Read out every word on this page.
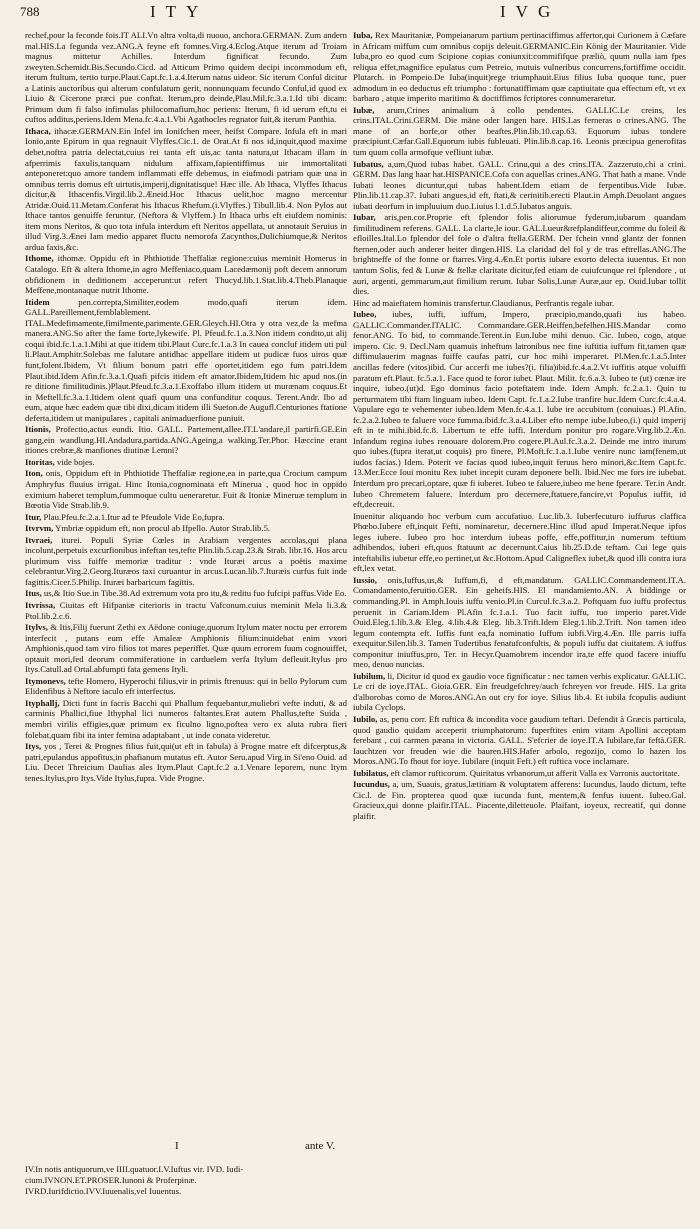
788	ITY	IVG
rechef,pour la feconde fois.IT ALI.Vn altra volta,di nuouo, anchora.GERMAN. Zum andern mal.HIS.La fegunda vez.ANG.A feyne eft fomnes.Virg.4.Eclog.Atque iterum ad Troiam magnus mittetur Achilles. Interdum fignificat fecundo. Zum zweyten.Schemidt.Bis.Secundo.Cicd. ad Atticum Primo quidem decipi incommodum eft, iterum ftultum, tertio turpe.Plaut.Capt.fc.1.a.4.Iterum natus uideor. Sic iterum Conful dicitur a Latinis auctoribus qui alterum confulatum gerit, nonnunquam fecundo Conful,id quod ex Liuio & Cicerone præci pue conftat. Iterum,pro deinde,Plau.Mil.fc.3.a.1.Id tibi dicam: Primum dum fi falso infimulas philocomafium,hoc periens: Iterum, fi id uerum eft,tu ei cuftos additus,periens.Idem Mena.fc.4.a.1.Vbi Agathocles regnator fuit,& iterum Panthia.
Ithaca, ithacæ.GERMAN.Ein Infel im Ionifchen meer, heifst Compare. Infula eft in mari Ionio,ante Epirum in qua regnauit Vlyffes.Cic.1. de Orat.At fi nos id,inquit,quod maxime debet,noftra patria delectat,cuius rei tanta eft uis,ac tanta natura,ut Ithacam illam in afperrimis faxulis,tanquam nidulum affixam,fapientiffimus uir immortalitati anteponeret:quo amore tandem inflammati effe debemus, in eiufmodi patriam quæ una in omnibus terris domus eft uirtutis,imperij,dignitatisque! Hæc ille. Ab Ithaca, Vlyffes Ithacus dicitur,& Ithacenfis.Virgil.lib.2.Æneid.Hoc Ithacus uelit,hoc magno mercentur Atridæ.Ouid.11.Metam.Conferat his Ithacus Rhefum.(i.Vlyffes.) Tibull.lib.4. Non Pylos aut Ithace tantos genuiffe feruntur. (Neftora & Vlyffem.) In Ithaca urbs eft eiufdem nominis: item mons Neritos, & quo tota infula interdum eft Neritos appellata, ut annotauit Seruius in illud Virg.3.Ænei Iam medio apparet fluctu nemorofa Zacynthos,Dulichiumque,& Neritos ardua faxis,&c.
Ithome, ithomæ. Oppidu eft in Phthiotide Theffaliæ regione:cuius meminit Homerus in Catalogo. Eft & altera Ithome,in agro Meffeniaco,quam Lacedæmonij poft decem annorum obfidionem in deditionem acceperunt:ut refert Thucyd.lib.1.Stat.lib.4.Theb.Planaque Meffene,montanaque nutrit Ithome.
Itidem	pen.correpta,Similiter,eodem modo,quafi iterum idem. GALL.Pareillement,femblablement. ITAL.Medefimamente,fimilmente,parimente.GER.Gleych.HI.Otra y otra vez,de la mefma manera.ANG.So after the fame forte,lykewife. Pl. Pfeud.fc.1.a.3.Non itidem condito,ut alij coqui ibid.fc.1.a.1.Mihi at que itidem tibi.Plaut Curc.fc.1.a.3 In cauea concluf itidem uti pul li.Plaut.Amphitr.Solebas me falutare antidhac appellare itidem ut pudicæ fuos uiros quæ funt,folent.Ibidem, Vt filium bonum patri effe oportet,itidem ego fum patri.Idem Plaut.ibid.Idem Afin.fc.3.a.1.Quafi pifcis itidem eft amator.Ibidem,Itidem hic apud nos.(in re ditione fimilitudinis.)Plaut.Pfeud.fc.3.a.1.Exoffabo illum itidem ut murænam coquus.Et in Meftell.fc.3.a.1.Itidem olent quafi quum una confunditur coquus. Terent.Andr. Ibo ad eum, atque hæc eadem quæ tibi dixi,dicam itidem illi Sueton.de Augufl.Centuriones ftatione deferta,itidem ut manipulares , capitali animaduerfione puniuit.
Itionis, Profectio,actus eundi. Itio. GALL. Partement,allee.IT.L'andare,il partirfi.GE.Ein gang,ein wandlung.HI.Andadura,partida.ANG.Ageing,a walking.Ter.Phor. Hæccine erant itiones crebræ,& manfiones diutinæ Lemni?
Itoritas, vide bojes.
Iton, onis, Oppidum eft in Phthiotide Theffaliæ regione,ea in parte,qua Crocium campum Amphryfus fluuius irrigat. Hinc Itonia,cognominata eft Minerua , quod hoc in oppido eximium haberet templum,fummoque cultu ueneraretur. Fuit & Itoniæ Mineruæ templum in Bœotia Vide Strab.lib.9.
Itur, Plau.Pfeu.fc.2.a.1.Itur ad te Pfeudole Vide Eo,fupra.
Itvrvm, Ymbriæ oppidum eft, non procul ab Ifpello. Autor Strab.lib.5.
Itvraei, iturei. Populi Syriæ Cœles in Arabiam vergentes accolas,qui plana incolunt,perpetuis excurfionibus infeftan tes,tefte Plin.lib.5.cap.23.& Strab. libr.16. Hos arcu plurimum viss fuiffe memoriæ traditur : vnde Ituræi arcus a poëtis maxime celebrantur.Virg.2.Georg.Ituræos taxi curuantur in arcus.Lucan.lib.7.Ituræis curfus fuit inde fagittis.Cicer.5.Philip. Ituræi barbaricum fagittis.
Itus, us,& Itio Sue.in Tibe.38.Ad extremum vota pro itu,& reditu fuo fufcipi paffus.Vide Eo.
Itvrissa, Ciuitas eft Hifpaniæ citerioris in tractu Vafconum.cuius meminit Mela li.3.& Ptol.lib.2.c.6.
Itylvs, & Itis,Filij fuerunt Zethi ex Aëdone coniuge,quorum Itylum mater noctu per errorem interfecit , putans eum effe Amaleæ Amphionis filium:inuidebat enim vxori Amphionis,quod tam viro filios tot mares peperiffet. Quæ quum errorem fuum cognouiffet, optauit mori,fed deorum commiferatione in carduelem verfa Itylum defleuit.Itylus pro Itys.Catull.ad Ortal.abfumpti fata gemens Ityli.
Itymonevs, tefte Homero, Hyperochi filius,vir in primis ftrenuus: qui in bello Pylorum cum Elidenfibus à Neftore iaculo eft interfectus.
Ityphallj, Dicti funt in facris Bacchi qui Phallum fequebantur,muliebri vefte induti, & ad carminis Phallici,fiue Ithyphal lici numeros faltantes.Erat autem Phallus,tefte Suida , membri virilis effigies,quæ primum ex ficulno ligno,poftea vero ex aluta rubra fieri folebat,quam fibi ita inter femina adaptabant , ut inde conata videretur.
Itys, yos , Terei & Prognes filius fuit,qui(ut eft in fabula) à Progne matre eft difcerptus,& patri,epulandus appofitus,in phafianum mutatus eft. Autor Seru.apud Virg.in Si'eno Ouid. ad Liu. Decet Threicium Daulias ales Itym.Plaut Capt.fc.2 a.1.Venare leporem, nunc Itym tenes.Itylus,pro Itys.Vide Itylus,fupra. Vide Progne.
Iuba, Rex Mauritaniæ, Pompeianarum partium pertinaciffimus affertor,qui Curionem à Cæfare in Africam miffum cum omnibus copijs deleuit.GERMANIC.Ein König der Mauritanier. Vide Iuba,pro eo quod cum Scipione copias coniunxit:commififque præliò, quum nulla iam fpes reliqua effet,magnifice epulatus cum Petreio, mutuis vulneribus concurrens,fortiffime occidit. Plutarch. in Pompeio.De Iuba(inquit)rege triumphauit.Eius filius Iuba quoque tunc, puer admodum in eo deductus eft triumpho : fortunatiffimam quæ captiuitate qua effectum eft, vt ex barbaro , atque imperito maritimo & doctiffimos fcriptores connumeraretur.
Iubæ, arum,Crines animalium à collo pendentes. GALLIC.Le creins, les crins.ITAL.Crini.GERM. Die mäne oder langen hare. HIS.Las ferneras o crines.ANG. The mane of an horfe,or other beaftes.Plin.lib.10.cap.63. Equorum iubas tondere præcipiunt.Cæfar.Gall.Equorum iubis fubleuati. Plin.lib.8.cap.16. Leonis præcipua generofitas tum quum colla armofque vefliunt iubæ.
Iubatus, a,um,Quod iubas habet. GALL. Crinu,qui a des crins.ITA. Zazzeruto,chi a crini. GERM. Das lang haar hat.HISPANICE.Cofa con aquellas crines.ANG. That hath a mane. Vnde Iubati leones dicuntur,qui tubas habent.Idem etiam de ferpentibus.Vide Iubæ. Plin.lib.11.cap.37. Iubati angues,id eft, ftati,& cerinitib.erecti Plaut.in Amph.Deuolant angues iubati deorfum in impluuium duo.Liuius l.1.d.5.Iubatus anguis.
Iubar, aris,pen.cor.Proprie eft fplendor folis aliorumue fyderum,iubarum quandam fimilitudinem referens. GALL. La clarte,le iour. GAL.Lueur&refplandiffeur,comme du foleil & efloilles.Ital.Lo fplendor del fole o d'altra ftella.GERM. Der fchein vnnd glantz der fonnen fternen,oder auch anderer heiter dingen.HIS. La claridad del fol y de tras eftrellas.ANG.The brightneffe of the fonne or ftarres.Virg.4.Æn.Et portis iubare exorto delecta iuuentus. Et non tantum Solis, fed & Lunæ & ftellæ claritate dicitur,fed etiam de cuiufcunque rei fplendore , ut auri, argenti, gemmarum,aut fimilium rerum. Iubar Solis,Lunæ Auræ,aur ep. Ouid.Iubar tollit dies.
Hinc ad maieftatem hominis transfertur.Claudianus, Perfrantis regale iubar.
Iubeo, iubes, iuffi, iuffum, Impero, præcipio,mando,quafi ius habeo. GALLIC.Commander.ITALIC. Commandare.GER.Heiffen,befelhen.HIS.Mandar como fenor.ANG. To bid, to commande.Terent.in Eun.Iube mihi denuo. Cic. Iubeo, cogo, atque impero. Cic. 9. Decl.Nam quamuis inheftum latronibus nec fine iuftitia iuffum fit,tamen quæ diffimulauerim magnas fuiffe caufas patri, cur hoc mihi imperaret. Pl.Men.fc.1.a.5.Inter ancillas federe (vitos)ibid. Cur accerfi me iubes?(i. filia)ibid.fc.4.a.2.Vt iuffitis atque voluiffi paratum eft.Plaut. fc.5.a.1. Face quod te foror iubet. Plaut. Milit. fc.6.a.3. Iubeo te (ut) cœnæ ire inquire, iubeo.(ut)d. Ego dominus facio poteftatem inde. Idem Amph. fc.2.a.1. Quin tu perturmatem tibi ftam linguam iubeo. Idem Capt. fc.1.a.2.Iube tranfire huc.Idem Curc.fc.4.a.4. Vapulare ego te vehementer iubeo.Idem Men.fc.4.a.1. Iube ire accubitum (conuiuas.) Pl.Afin. fc.2.a.2.Iubeo te faluere voce fumma.ibid.fc.3.a.4.Liber efto nempe iube.Iubeo,(i.) quid imperij eft in te mihi.ibid.fc.8. Libertum te effe iuffi. Interdum ponitur pro rogare.Virg.lib.2.Æn. Infandum regina iubes renouare dolorem.Pro cogere.Pl.Aul.fc.3.a.2. Deinde me intro iturum quo iubes.(fupra iterat,ut coquis) pro finere, Pl.Moft.fc.1.a.1.Iube venire nunc iam(fenem,ut iudos facias.) Idem. Poterit ve facias quod iubeo,inquit feruus hero minori,&c.Item Capt.fc. 13.Mer.Ecce Ioui monitu Rex iubet incepit curam deponere belli. Ibid.Nec me fors ire iubebat. Interdum pro precari,optare, quæ fi iuberet. Iubeo te faluere,iubeo me bene fperare. Ter.in Andr. Iubeo Chremetem faluere. Interdum pro decernere,ftatuere,fancire,vt Populus iuffit, id eft,decreuit.
Inuenitur aliquando hoc verbum cum accufatiuo. Luc.lib.3. Iuberfecuturo iuffurus claffica Phœbo.Iubere eft,inquit Fefti, nominaretur, decernere.Hinc illud apud Imperat.Neque ipfos leges iubere. Iubeo pro hoc interdum iubeas poffe, effe,poffitur,in numerum teftium adhibendos, iuberi eft,quos ftatuunt ac decernunt.Caius lib.25.D.de teftam. Cui lege quis inteftabilis iubetur effe,eo pertinet,ut &c.Hottom.Apud Caligneflex iubet,& quod illi contra iura eft,lex vetat.
Iussio, onis,Iuffus,us,& Iuffum,fi, d eft,mandatum. GALLIC.Commandement.IT.A. Comandamento,feruitio.GER. Ein geheifs.HIS. El mandamiento.AN. A biddinge or commanding.Pl. in Amph.Iouis iuffu venio.Pl.in Curcul.fc.3.a.2. Poftquam fuo iuffu profectus peruenit in Cariam.Idem Pl.Afin fc.1.a.1. Tuo facit iuffu, tuo imperio paret.Vide Ouid.Eleg.1.lib.3.& Eleg. 4.lib.4.& Eleg. lib.3.Trift.Idem Eleg.1.lib.2.Trift. Non tamen ideo legum contempta eft. Iuffis funt ea,fa nominatio Iuffum iubfi.Virg.4.Æn. Ille parris iuffa exequitur.Silen.lib.3. Tamen Tudertibus fenatufconfultis, & populi iuffu dat ciuitatem. A iuffus componitur iniuffus,pro, Ter. in Hecyr.Quamobrem incendor ira,te effe quod facere iniuffu meo, denuo nuncias.
Iubilum, li, Dicitur id quod ex gaudio voce fignificatur : nec tamen verbis explicatur. GALLIC. Le cri de ioye.ITAL. Gioia.GER. Ein freudgefchrey/auch fchreyen vor freude. HIS. La grita d'alborobas como de Moros.ANG.An out cry for ioye. Silius lib.4. Et iubila fcopulis audiunt iubila Cyclops.
Iubilo, as, penu corr. Eft ruftica & incondita voce gaudium teftari. Defendit à Græcis particula, quod gaudio quidam acceperit triumphatorum: fuperftites enim vitam Apollini acceptam ferebant , cui carmen pæana in victoria. GALL. S'efcrier de ioye.IT.A Iubilare,far feftà.GER. Iauchtzen vor freuden wie die bauren.HIS.Hafer arbolo, regozijo, como lo hazen los Moros.ANG.To fhout for ioye. Iubilare (inquit Feft.) eft ruftica voce inclamare.
Iubilatus, eft clamor rufticorum. Quiritatus vrbanorum,ut afferit Valla ex Varronis auctoritate.
Iucundus, a, um, Suauis, gratus,lætitiam & voluptatem afferens: Iucundus, laudo dictum, tefte Cic.l. de Fin. propterea quod quæ iucunda funt, mentem,& fenfus iuuent. Iubeo.Gal. Gracieux,qui donne plaifir.ITAL. Piacente,diletteuole. Plaifant, ioyeux, recreatif, qui donne plaifir.
I	ante V.
IV.In notis antiquorum,ve IIII.quatuor.I.V.Iuftus vir. IVD. Iudi-
cium.IVNON.ET.PROSER.Iunoni & Proferpinæ.
IVRD.Iurifdictio.IVV.Iuuenalis,vel Iuuentus.
